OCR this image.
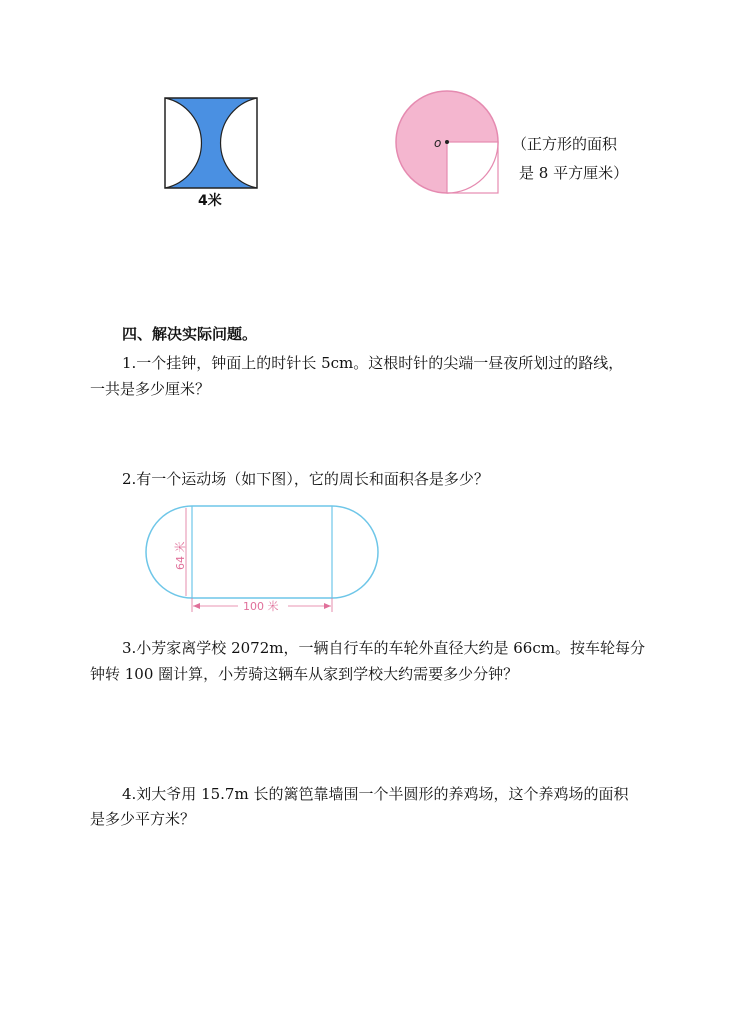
4米
o	（正方形的面积
是 8 平方厘米）
四、解决实际问题。
1.一个挂钟，钟面上的时针长 5cm。这根时针的尖端一昼夜所划过的路线，
一共是多少厘米？
2.有一个运动场（如下图），它的周长和面积各是多少？
64 米
100 米
3.小芳家离学校 2072m，一辆自行车的车轮外直径大约是 66cm。按车轮每分
钟转 100 圈计算，小芳骑这辆车从家到学校大约需要多少分钟？
4.刘大爷用 15.7m 长的篱笆靠墙围一个半圆形的养鸡场，这个养鸡场的面积
是多少平方米？
